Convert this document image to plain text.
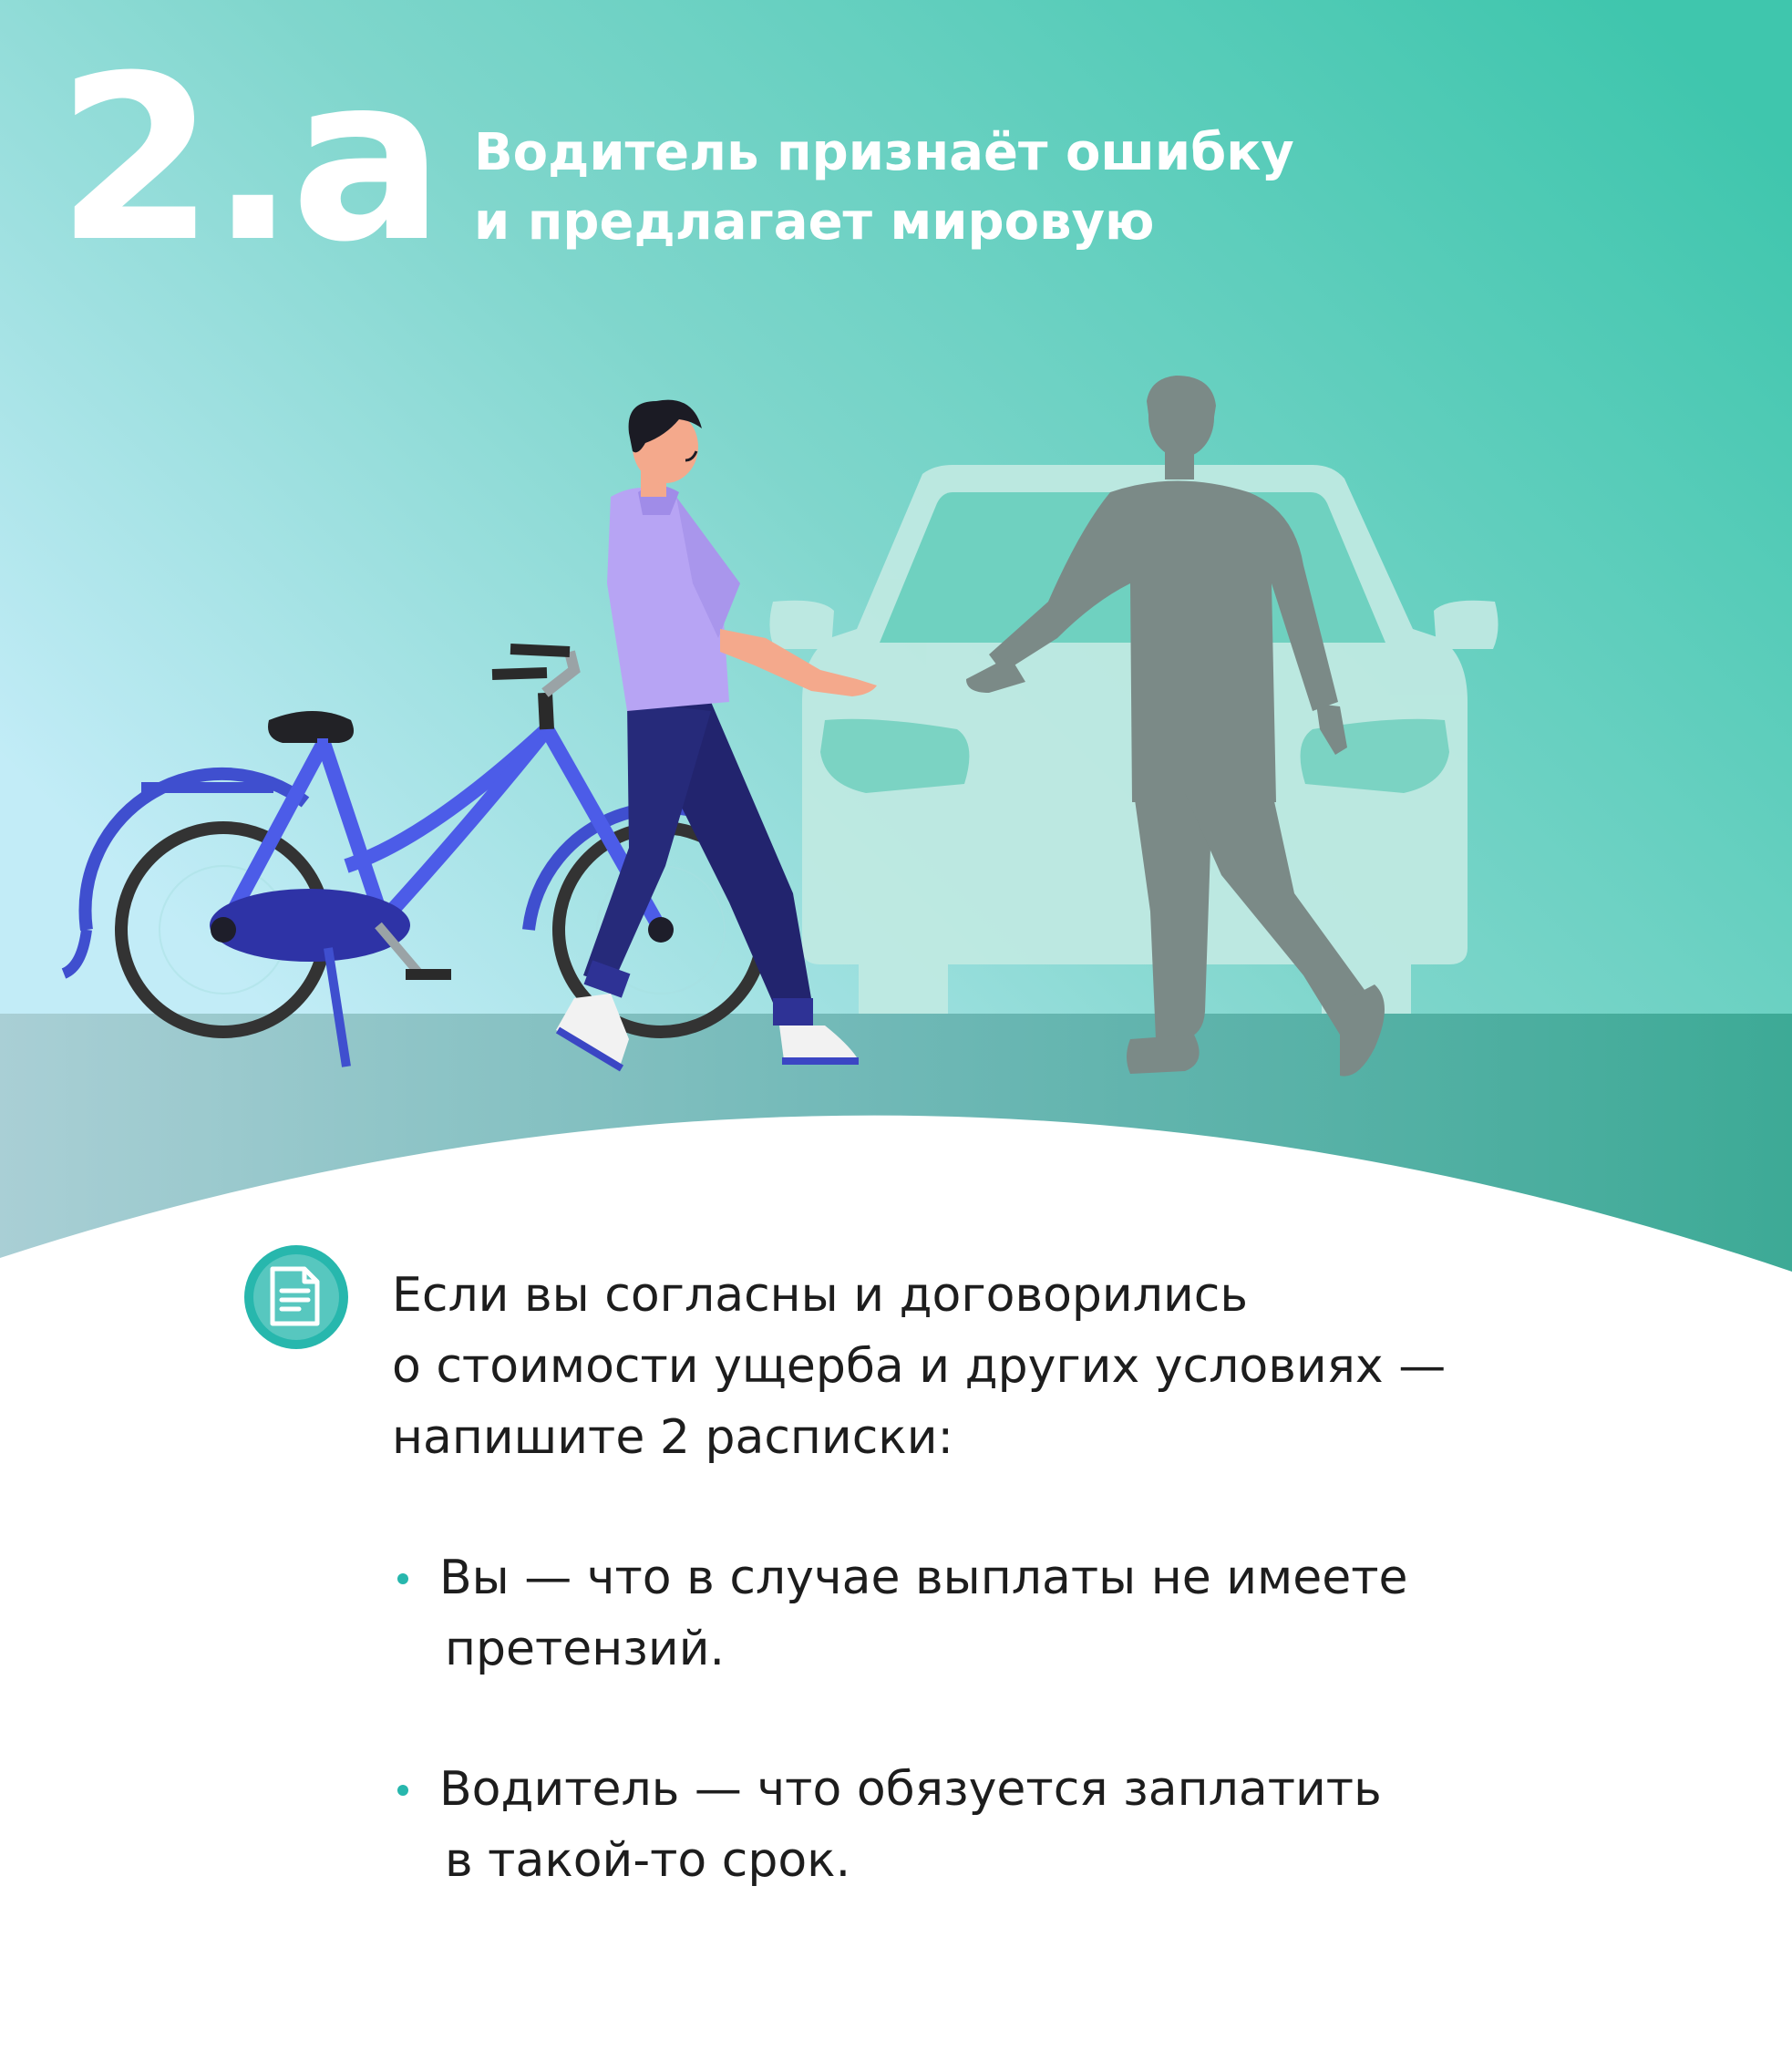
2.a Водитель признаёт ошибку
и предлагает мировую

Если вы согласны и договорились
о стоимости ущерба и других условиях —
напишите 2 расписки:

Вы — что в случае выплаты не имеете
претензий.
Водитель — что обязуется заплатить
в такой-то срок.
